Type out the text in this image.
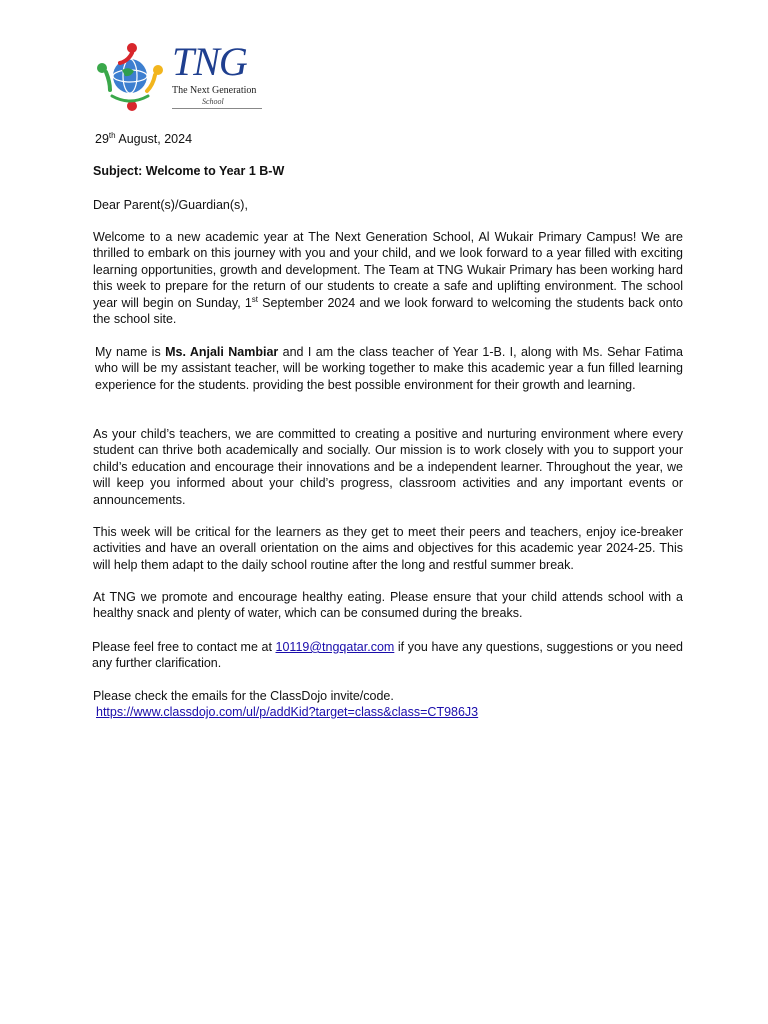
TNG
The Next Generation
School

29th August, 2024

Subject: Welcome to Year 1 B-W

Dear Parent(s)/Guardian(s),

Welcome to a new academic year at The Next Generation School, Al Wukair Primary Campus! We are thrilled to embark on this journey with you and your child, and we look forward to a year filled with exciting learning opportunities, growth and development. The Team at TNG Wukair Primary has been working hard this week to prepare for the return of our students to create a safe and uplifting environment. The school year will begin on Sunday, 1st September 2024 and we look forward to welcoming the students back onto the school site.

My name is Ms. Anjali Nambiar and I am the class teacher of Year 1-B. I, along with Ms. Sehar Fatima who will be my assistant teacher, will be working together to make this academic year a fun filled learning experience for the students. providing the best possible environment for their growth and learning.

As your child’s teachers, we are committed to creating a positive and nurturing environment where every student can thrive both academically and socially. Our mission is to work closely with you to support your child’s education and encourage their innovations and be a independent learner. Throughout the year, we will keep you informed about your child’s progress, classroom activities and any important events or announcements.

This week will be critical for the learners as they get to meet their peers and teachers, enjoy ice-breaker activities and have an overall orientation on the aims and objectives for this academic year 2024-25. This will help them adapt to the daily school routine after the long and restful summer break.

At TNG we promote and encourage healthy eating. Please ensure that your child attends school with a healthy snack and plenty of water, which can be consumed during the breaks.

Please feel free to contact me at 10119@tngqatar.com if you have any questions, suggestions or you need any further clarification.

Please check the emails for the ClassDojo invite/code.
https://www.classdojo.com/ul/p/addKid?target=class&class=CT986J3
